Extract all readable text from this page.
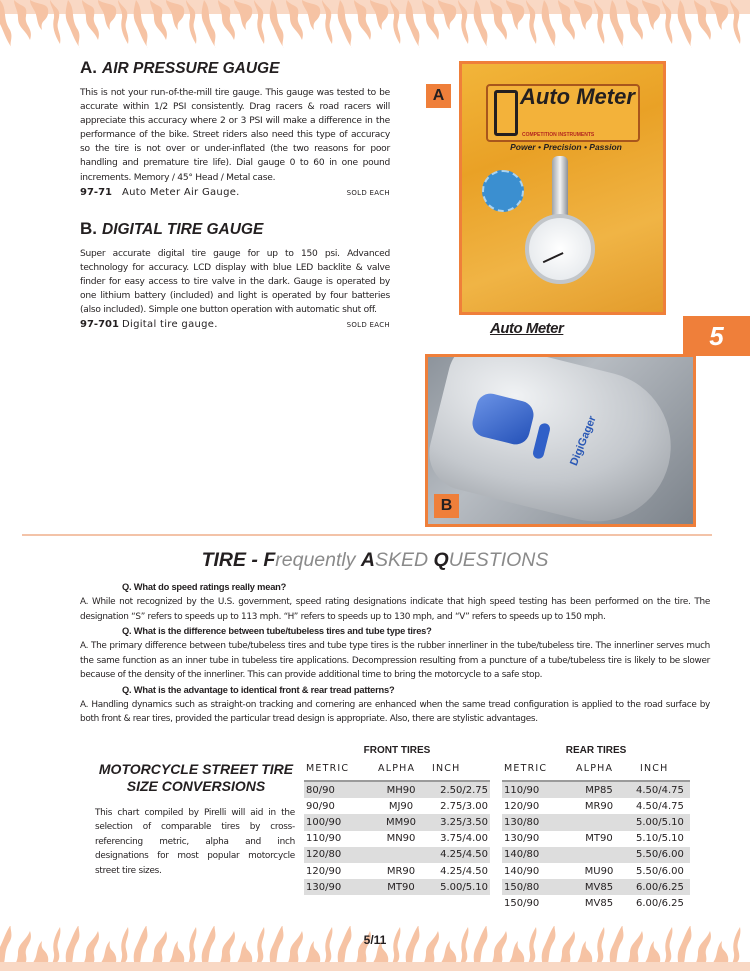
A. AIR PRESSURE GAUGE
This is not your run-of-the-mill tire gauge. This gauge was tested to be accurate within 1/2 PSI consistently. Drag racers & road racers will appreciate this accuracy where 2 or 3 PSI will make a difference in the performance of the bike. Street riders also need this type of accuracy so the tire is not over or under-inflated (the two reasons for poor handling and premature tire life). Dial gauge 0 to 60 in one pound increments. Memory / 45° Head / Metal case.
97-71	Auto Meter Air Gauge.	SOLD EACH
B. DIGITAL TIRE GAUGE
Super accurate digital tire gauge for up to 150 psi. Advanced technology for accuracy. LCD display with blue LED backlite & valve finder for easy access to tire valve in the dark. Gauge is operated by one lithium battery (included) and light is operated by four batteries (also included). Simple one button operation with automatic shut off.
97-701 Digital tire gauge.	SOLD EACH
A	Auto Meter
COMPETITION INSTRUMENTS
Power • Precision • Passion
Auto Meter	5
DigiGager
B
TIRE - Frequently ASKED QUESTIONS
Q. What do speed ratings really mean?
A. While not recognized by the U.S. government, speed rating designations indicate that high speed testing has been performed on the tire. The designation “S” refers to speeds up to 113 mph. “H” refers to speeds up to 130 mph, and “V” refers to speeds up to 150 mph.
Q. What is the difference between tube/tubeless tires and tube type tires?
A. The primary difference between tube/tubeless tires and tube type tires is the rubber innerliner in the tube/tubeless tire. The innerliner serves much the same function as an inner tube in tubeless tire applications. Decompression resulting from a puncture of a tube/tubeless tire is likely to be slower because of the density of the innerliner. This can provide additional time to bring the motorcycle to a safe stop.
Q. What is the advantage to identical front & rear tread patterns?
A. Handling dynamics such as straight-on tracking and cornering are enhanced when the same tread configuration is applied to the road surface by both front & rear tires, provided the particular tread design is appropriate. Also, there are stylistic advantages.
MOTORCYCLE STREET TIRE
SIZE CONVERSIONS
This chart compiled by Pirelli will aid in the selection of comparable tires by cross-referencing metric, alpha and inch designations for most popular motorcycle street tire sizes.
FRONT TIRES
METRIC	ALPHA	INCH
80/90	MH90	2.50/2.75
90/90	MJ90	2.75/3.00
100/90	MM90	3.25/3.50
110/90	MN90	3.75/4.00
120/80		4.25/4.50
120/90	MR90	4.25/4.50
130/90	MT90	5.00/5.10
REAR TIRES
METRIC	ALPHA	INCH
110/90	MP85	4.50/4.75
120/90	MR90	4.50/4.75
130/80		5.00/5.10
130/90	MT90	5.10/5.10
140/80		5.50/6.00
140/90	MU90	5.50/6.00
150/80	MV85	6.00/6.25
150/90	MV85	6.00/6.25
5/11
